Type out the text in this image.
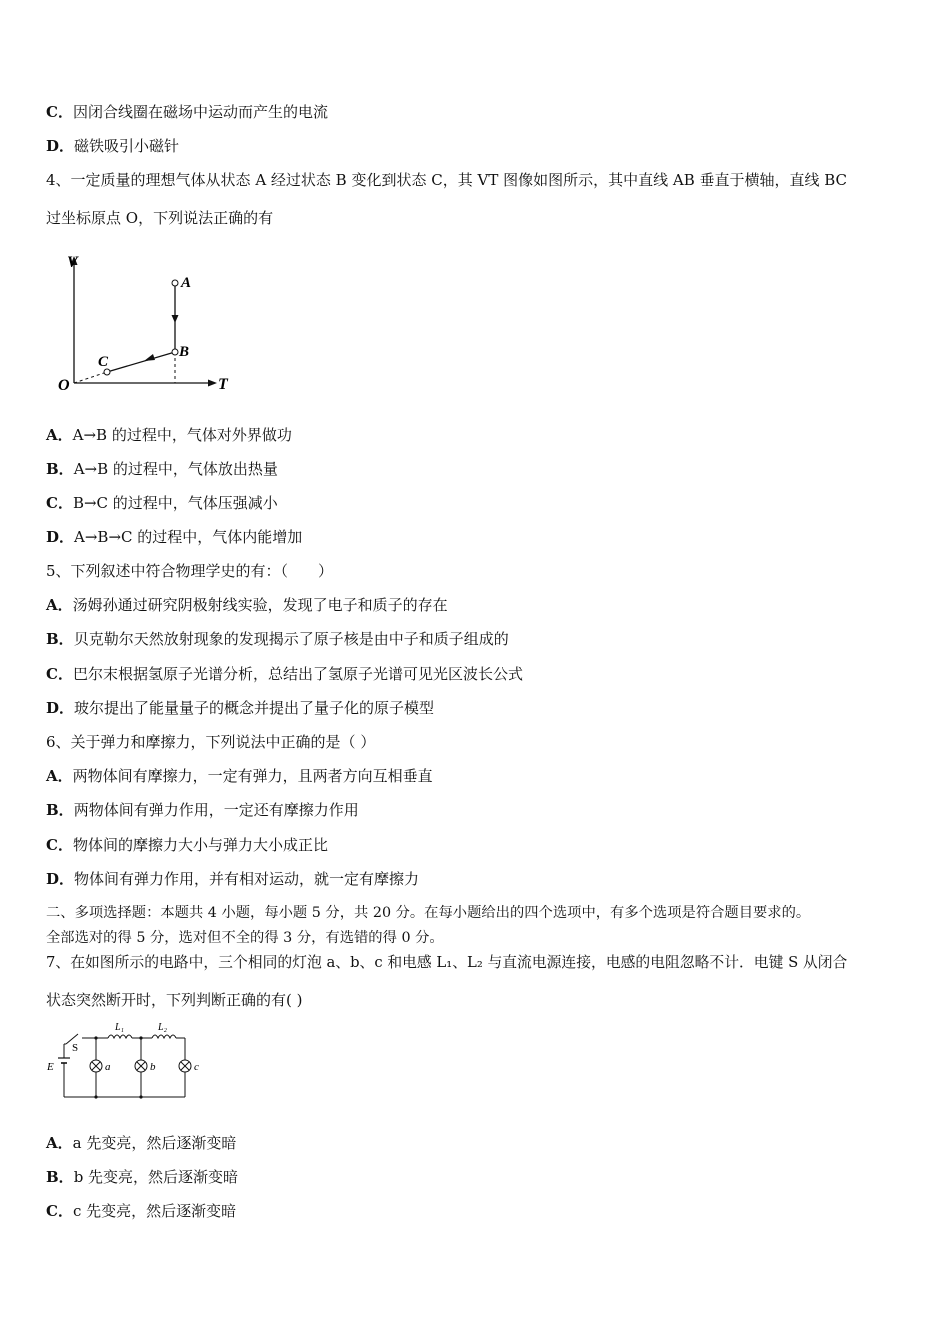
C．因闭合线圈在磁场中运动而产生的电流
D．磁铁吸引小磁针
4、一定质量的理想气体从状态 A 经过状态 B 变化到状态 C，其 VT 图像如图所示，其中直线 AB 垂直于横轴，直线 BC
过坐标原点 O，下列说法正确的有
V
T
O
A
B
C
A．A→B 的过程中，气体对外界做功
B．A→B 的过程中，气体放出热量
C．B→C 的过程中，气体压强减小
D．A→B→C 的过程中，气体内能增加
5、下列叙述中符合物理学史的有：（　　）
A．汤姆孙通过研究阴极射线实验，发现了电子和质子的存在
B．贝克勒尔天然放射现象的发现揭示了原子核是由中子和质子组成的
C．巴尔末根据氢原子光谱分析，总结出了氢原子光谱可见光区波长公式
D．玻尔提出了能量量子的概念并提出了量子化的原子模型
6、关于弹力和摩擦力，下列说法中正确的是（ ）
A．两物体间有摩擦力，一定有弹力，且两者方向互相垂直
B．两物体间有弹力作用，一定还有摩擦力作用
C．物体间的摩擦力大小与弹力大小成正比
D．物体间有弹力作用，并有相对运动，就一定有摩擦力
二、多项选择题：本题共 4 小题，每小题 5 分，共 20 分。在每小题给出的四个选项中，有多个选项是符合题目要求的。
全部选对的得 5 分，选对但不全的得 3 分，有选错的得 0 分。
7、在如图所示的电路中，三个相同的灯泡 a、b、c 和电感 L₁、L₂ 与直流电源连接，电感的电阻忽略不计．电键 S 从闭合
状态突然断开时，下列判断正确的有( )
E
S
L₁	L₂
a	b	c
A．a 先变亮，然后逐渐变暗
B．b 先变亮，然后逐渐变暗
C．c 先变亮，然后逐渐变暗
